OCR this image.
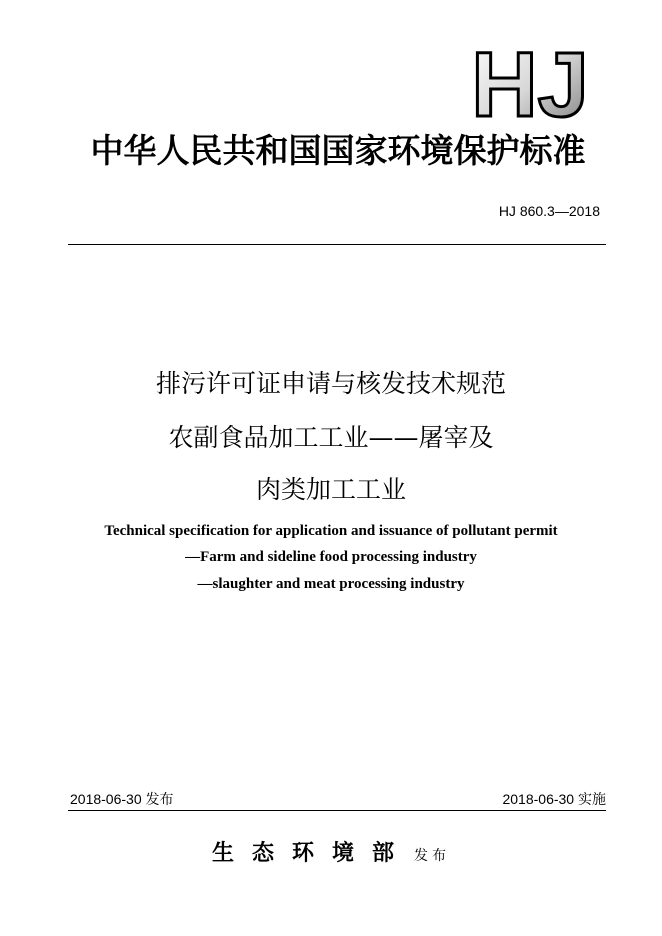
HJ
中华人民共和国国家环境保护标准
HJ 860.3—2018
排污许可证申请与核发技术规范
农副食品加工工业——屠宰及
肉类加工工业
Technical specification for application and issuance of pollutant permit
—Farm and sideline food processing industry
—slaughter and meat processing industry
2018-06-30 发布	2018-06-30 实施
生态环境部 发布
